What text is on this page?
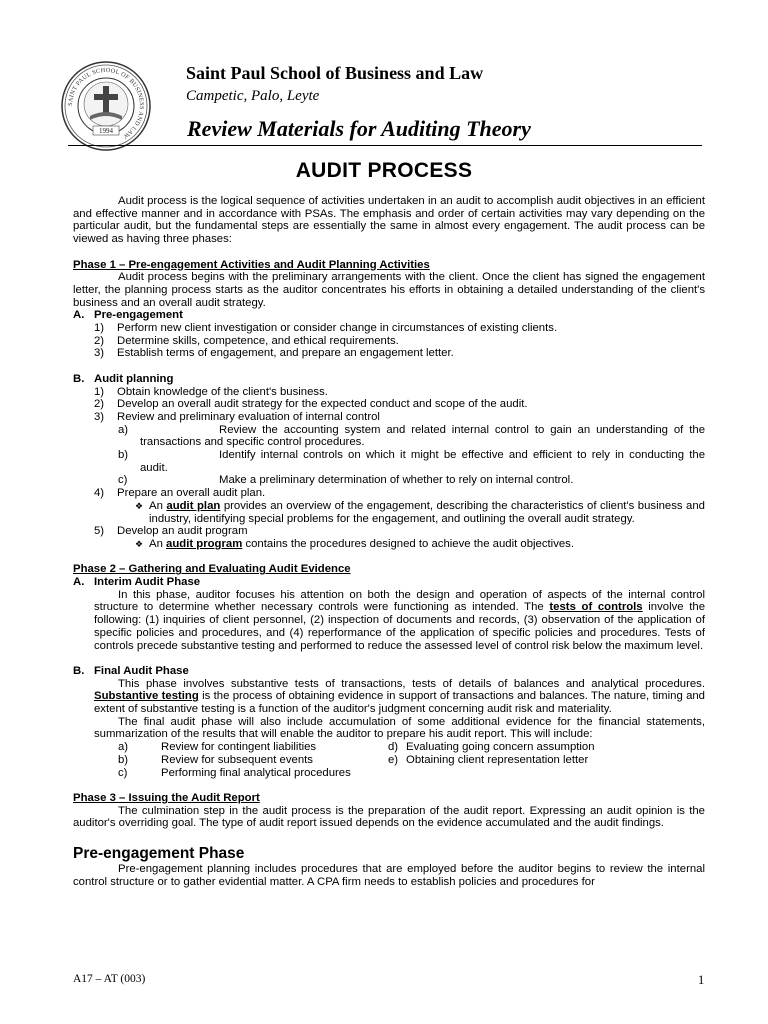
SAINT PAUL SCHOOL OF BUSINESS AND LAW
1994
Saint Paul School of Business and Law
Campetic, Palo, Leyte
Review Materials for Auditing Theory
AUDIT PROCESS

Audit process is the logical sequence of activities undertaken in an audit to accomplish audit objectives in an efficient and effective manner and in accordance with PSAs. The emphasis and order of certain activities may vary depending on the particular audit, but the fundamental steps are essentially the same in almost every engagement. The audit process can be viewed as having three phases:

Phase 1 – Pre-engagement Activities and Audit Planning Activities

Audit process begins with the preliminary arrangements with the client. Once the client has signed the engagement letter, the planning process starts as the auditor concentrates his efforts in obtaining a detailed understanding of the client's business and an overall audit strategy.

A. Pre-engagement
1)	Perform new client investigation or consider change in circumstances of existing clients.
2)	Determine skills, competence, and ethical requirements.
3)	Establish terms of engagement, and prepare an engagement letter.
B. Audit planning
1)	Obtain knowledge of the client's business.
2)	Develop an overall audit strategy for the expected conduct and scope of the audit.
3)	Review and preliminary evaluation of internal control
a)	Review the accounting system and related internal control to gain an understanding of the transactions and specific control procedures.
b)	Identify internal controls on which it might be effective and efficient to rely in conducting the audit.
c)	Make a preliminary determination of whether to rely on internal control.
4)	Prepare an overall audit plan.
❖ An audit plan provides an overview of the engagement, describing the characteristics of client's business and industry, identifying special problems for the engagement, and outlining the overall audit strategy.
5)	Develop an audit program
❖ An audit program contains the procedures designed to achieve the audit objectives.
Phase 2 – Gathering and Evaluating Audit Evidence
A. Interim Audit Phase

In this phase, auditor focuses his attention on both the design and operation of aspects of the internal control structure to determine whether necessary controls were functioning as intended. The tests of controls involve the following: (1) inquiries of client personnel, (2) inspection of documents and records, (3) observation of the application of specific policies and procedures, and (4) reperformance of the application of specific policies and procedures. Tests of controls precede substantive testing and performed to reduce the assessed level of control risk below the maximum level.

B. Final Audit Phase

This phase involves substantive tests of transactions, tests of details of balances and analytical procedures. Substantive testing is the process of obtaining evidence in support of transactions and balances. The nature, timing and extent of substantive testing is a function of the auditor's judgment concerning audit risk and materiality.

The final audit phase will also include accumulation of some additional evidence for the financial statements, summarization of the results that will enable the auditor to prepare his audit report. This will include:

a)	Review for contingent liabilities	d) Evaluating going concern assumption
b)	Review for subsequent events	e) Obtaining client representation letter
c)	Performing final analytical procedures
Phase 3 – Issuing the Audit Report

The culmination step in the audit process is the preparation of the audit report. Expressing an audit opinion is the auditor's overriding goal. The type of audit report issued depends on the evidence accumulated and the audit findings.

Pre-engagement Phase

Pre-engagement planning includes procedures that are employed before the auditor begins to review the internal control structure or to gather evidential matter. A CPA firm needs to establish policies and procedures for

A17 – AT (003)	1
